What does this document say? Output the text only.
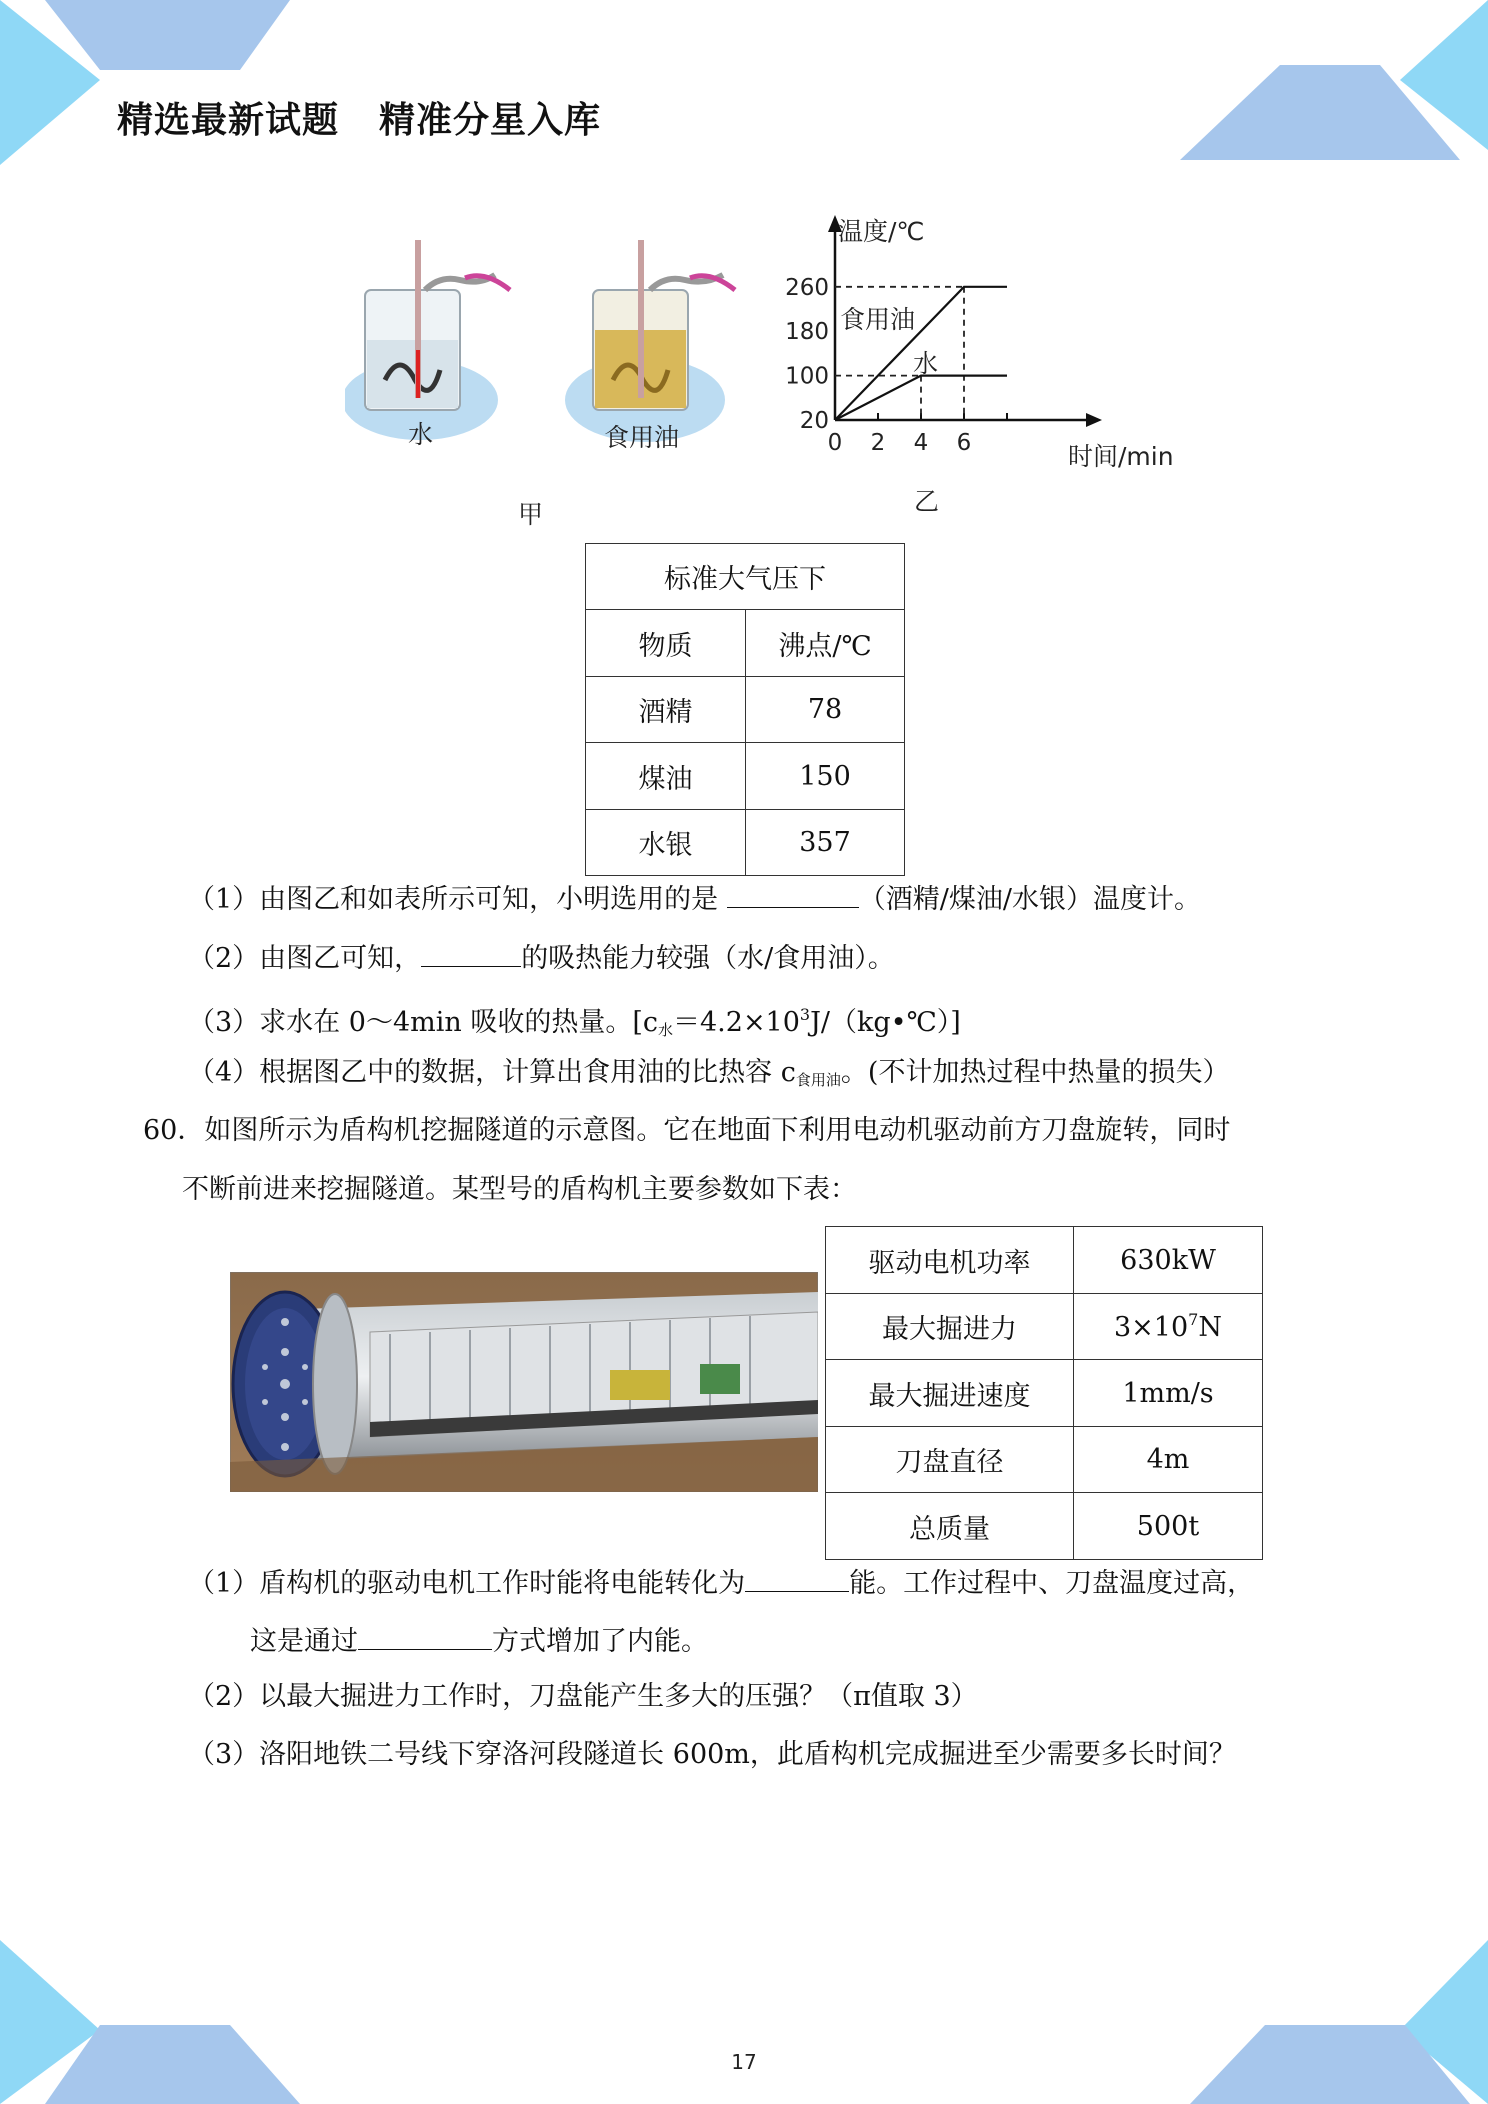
精选最新试题 精准分星入库
水	食用油
甲
20
100
180
260
0 2 4 6
温度/℃
时间/min
食用油
水
乙
标准大气压下	
物质	沸点/℃
酒精	78
煤油	150
水银	357
（1）由图乙和如表所示可知，小明选用的是	（酒精/煤油/水银）温度计。
（2）由图乙可知，	的吸热能力较强（水/食用油）。
（3）求水在 0～4min 吸收的热量。$[c_水=4.2\times 10^3J/(kg•℃)]$
（4）根据图乙中的数据，计算出食用油的比热容 $c_{食用油}$。(不计加热过程中热量的损失）
60．如图所示为盾构机挖掘隧道的示意图。它在地面下利用电动机驱动前方刀盘旋转，同时
不断前进来挖掘隧道。某型号的盾构机主要参数如下表：
驱动电机功率	630kW
最大掘进力	$3\times 10^7N$
最大掘进速度	1mm/s
刀盘直径	4m
总质量	500t
（1）盾构机的驱动电机工作时能将电能转化为	能。工作过程中、刀盘温度过高，
这是通过	方式增加了内能。
（2）以最大掘进力工作时，刀盘能产生多大的压强？（π值取 3）
（3）洛阳地铁二号线下穿洛河段隧道长 600m，此盾构机完成掘进至少需要多长时间？
17
